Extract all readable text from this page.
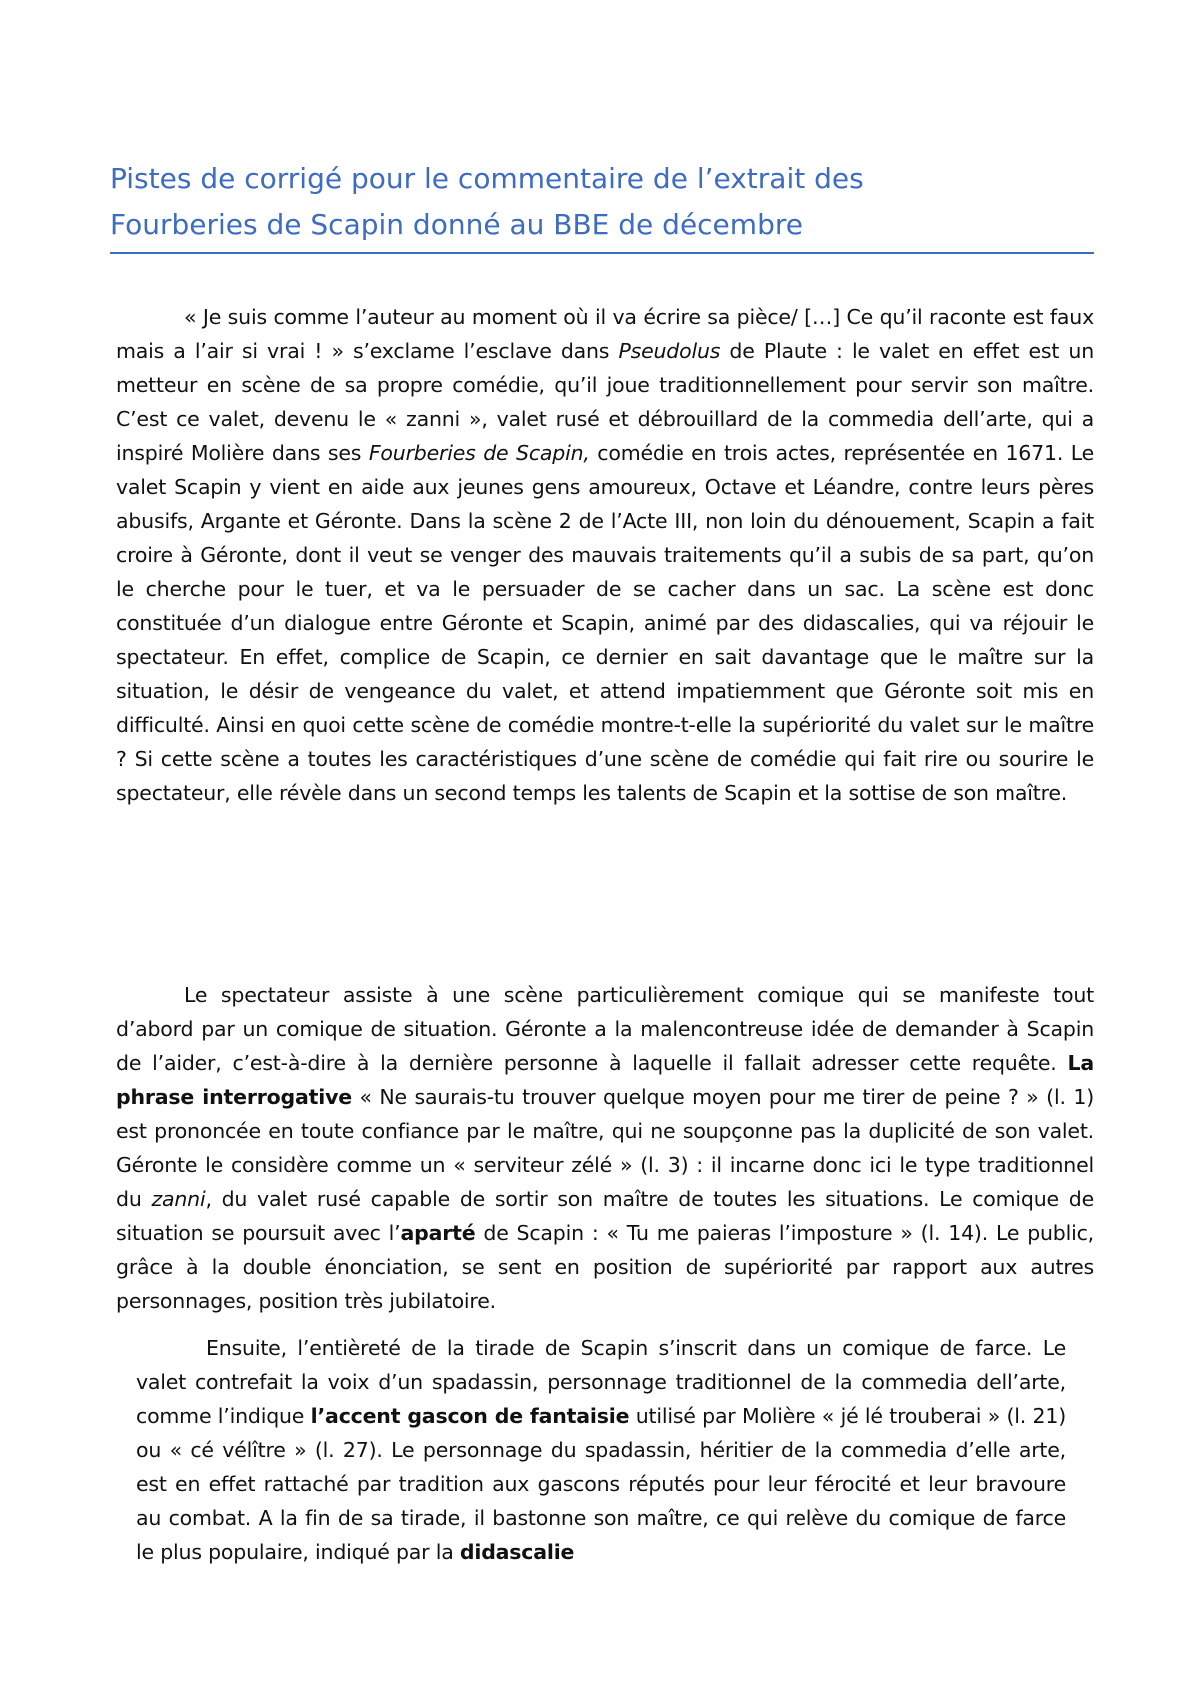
Pistes de corrigé pour le commentaire de l’extrait des
Fourberies de Scapin donné au BBE de décembre

« Je suis comme l’auteur au moment où il va écrire sa pièce/ […] Ce qu’il raconte est faux mais a l’air si vrai ! » s’exclame l’esclave dans Pseudolus de Plaute : le valet en effet est un metteur en scène de sa propre comédie, qu’il joue traditionnellement pour servir son maître. C’est ce valet, devenu le « zanni », valet rusé et débrouillard de la commedia dell’arte, qui a inspiré Molière dans ses Fourberies de Scapin, comédie en trois actes, représentée en 1671. Le valet Scapin y vient en aide aux jeunes gens amoureux, Octave et Léandre, contre leurs pères abusifs, Argante et Géronte. Dans la scène 2 de l’Acte III, non loin du dénouement, Scapin a fait croire à Géronte, dont il veut se venger des mauvais traitements qu’il a subis de sa part, qu’on le cherche pour le tuer, et va le persuader de se cacher dans un sac. La scène est donc constituée d’un dialogue entre Géronte et Scapin, animé par des didascalies, qui va réjouir le spectateur. En effet, complice de Scapin, ce dernier en sait davantage que le maître sur la situation, le désir de vengeance du valet, et attend impatiemment que Géronte soit mis en difficulté. Ainsi en quoi cette scène de comédie montre-t-elle la supériorité du valet sur le maître ? Si cette scène a toutes les caractéristiques d’une scène de comédie qui fait rire ou sourire le spectateur, elle révèle dans un second temps les talents de Scapin et la sottise de son maître.

Le spectateur assiste à une scène particulièrement comique qui se manifeste tout d’abord par un comique de situation. Géronte a la malencontreuse idée de demander à Scapin de l’aider, c’est-à-dire à la dernière personne à laquelle il fallait adresser cette requête. La phrase interrogative « Ne saurais-tu trouver quelque moyen pour me tirer de peine ? » (l. 1) est prononcée en toute confiance par le maître, qui ne soupçonne pas la duplicité de son valet. Géronte le considère comme un « serviteur zélé » (l. 3) : il incarne donc ici le type traditionnel du zanni, du valet rusé capable de sortir son maître de toutes les situations. Le comique de situation se poursuit avec l’aparté de Scapin : « Tu me paieras l’imposture » (l. 14). Le public, grâce à la double énonciation, se sent en position de supériorité par rapport aux autres personnages, position très jubilatoire.

Ensuite, l’entièreté de la tirade de Scapin s’inscrit dans un comique de farce. Le valet contrefait la voix d’un spadassin, personnage traditionnel de la commedia dell’arte, comme l’indique l’accent gascon de fantaisie utilisé par Molière « jé lé trouberai » (l. 21) ou « cé vélître » (l. 27). Le personnage du spadassin, héritier de la commedia d’elle arte, est en effet rattaché par tradition aux gascons réputés pour leur férocité et leur bravoure au combat. A la fin de sa tirade, il bastonne son maître, ce qui relève du comique de farce le plus populaire, indiqué par la didascalie
